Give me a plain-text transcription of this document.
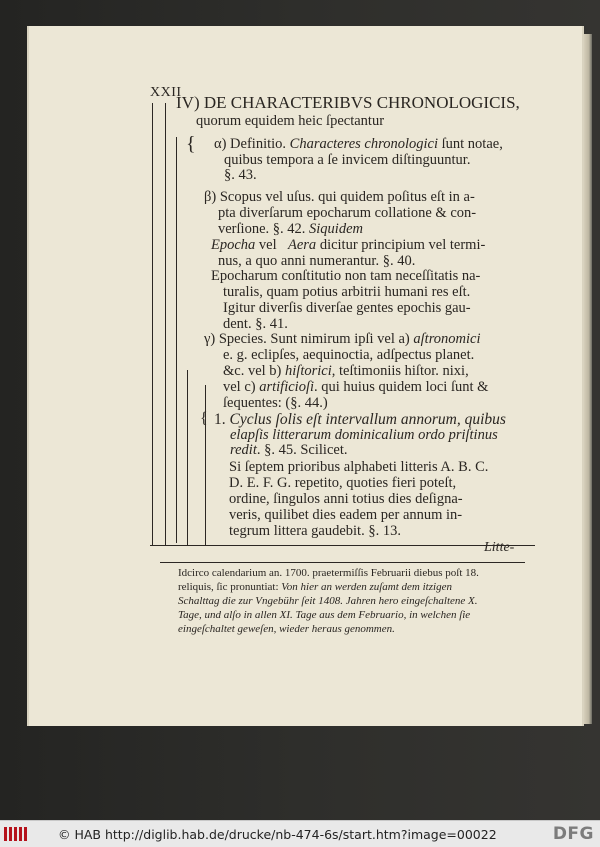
XXII
IV) DE CHARACTERIBVS CHRONOLOGICIS,
quorum equidem heic ſpectantur
{
{
α) Definitio. Characteres chronologici ſunt notae,
quibus tempora a ſe invicem diſtinguuntur.
§. 43.
β) Scopus vel uſus. qui quidem poſitus eſt in a-
pta diverſarum epocharum collatione & con-
verſione. §. 42. Siquidem
Epocha vel Aera dicitur principium vel termi-
nus, a quo anni numerantur. §. 40.
Epocharum conſtitutio non tam neceſſitatis na-
turalis, quam potius arbitrii humani res eſt.
Igitur diverſis diverſae gentes epochis gau-
dent. §. 41.
γ) Species. Sunt nimirum ipſi vel a) aſtronomici
e. g. eclipſes, aequinoctia, adſpectus planet.
&c. vel b) hiſtorici, teſtimoniis hiſtor. nixi,
vel c) artificioſi. qui huius quidem loci ſunt &
ſequentes: (§. 44.)
1. Cyclus ſolis eſt intervallum annorum, quibus
elapſis litterarum dominicalium ordo priſtinus
redit. §. 45. Scilicet.
Si ſeptem prioribus alphabeti litteris A. B. C.
D. E. F. G. repetito, quoties fieri poteſt,
ordine, ſingulos anni totius dies deſigna-
veris, quilibet dies eadem per annum in-
tegrum littera gaudebit. §. 13.
Litte-
Idcirco calendarium an. 1700. praetermiſſis Februarii diebus poſt 18.
reliquis, ſic pronuntiat: Von hier an werden zuſamt dem itzigen
Schalttag die zur Vngebühr ſeit 1408. Jahren hero eingeſchaltene X.
Tage, und alſo in allen XI. Tage aus dem Februario, in welchen ſie
eingeſchaltet geweſen, wieder heraus genommen.
© HAB http://diglib.hab.de/drucke/nb-474-6s/start.htm?image=00022	DFG
